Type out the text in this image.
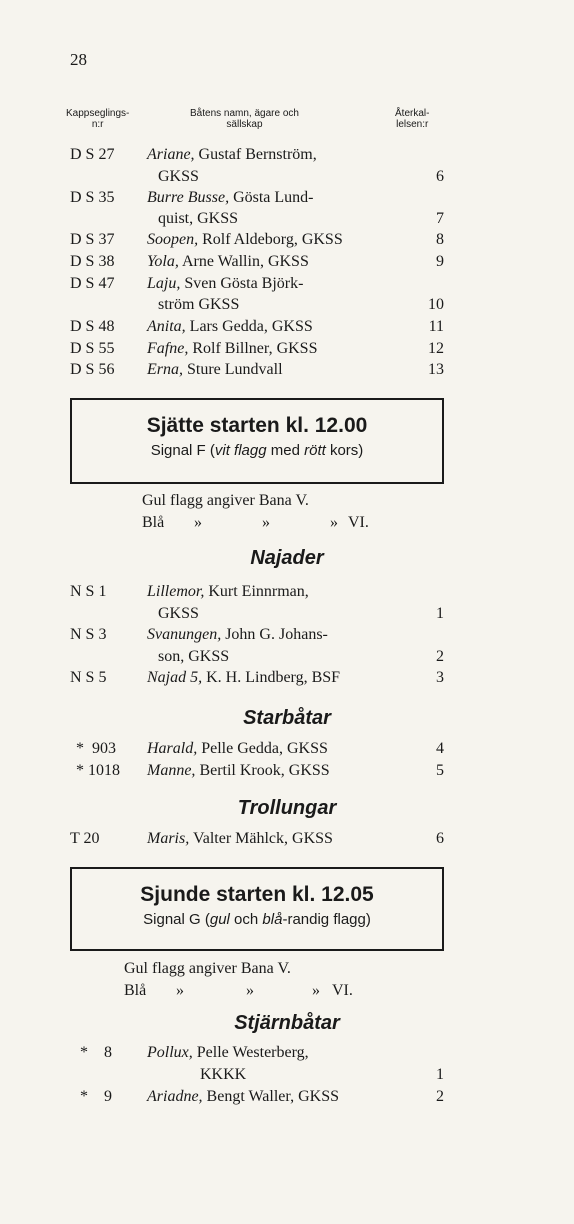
28
Kappseglings-
n:r
Båtens namn, ägare och
sällskap
Återkal-
lelsen:r
D S 27 Ariane, Gustaf Bernström,
GKSS	6
D S 35 Burre Busse, Gösta Lund-
quist, GKSS	7
D S 37 Soopen, Rolf Aldeborg, GKSS	8
D S 38 Yola, Arne Wallin, GKSS	9
D S 47 Laju, Sven Gösta Björk-
ström GKSS	10
D S 48 Anita, Lars Gedda, GKSS	11
D S 55 Fafne, Rolf Billner, GKSS	12
D S 56 Erna, Sture Lundvall	13
Sjätte starten kl. 12.00
Signal F (vit flagg med rött kors)
Gul flagg angiver Bana V.
Blå »	»	» VI.
Najader
N S 1	Lillemor, Kurt Einnrman,
GKSS	1
N S 3	Svanungen, John G. Johans-
son, GKSS	2
N S 5	Najad 5, K. H. Lindberg, BSF	3
Starbåtar
*  903 Harald, Pelle Gedda, GKSS	4
* 1018 Manne, Bertil Krook, GKSS	5
Trollungar
T 20	Maris, Valter Mählck, GKSS	6
Sjunde starten kl. 12.05
Signal G (gul och blå-randig flagg)
Gul flagg angiver Bana V.
Blå »	»	» VI.
Stjärnbåtar
*    8 Pollux, Pelle Westerberg,
KKKK	1
*    9 Ariadne, Bengt Waller, GKSS	2
